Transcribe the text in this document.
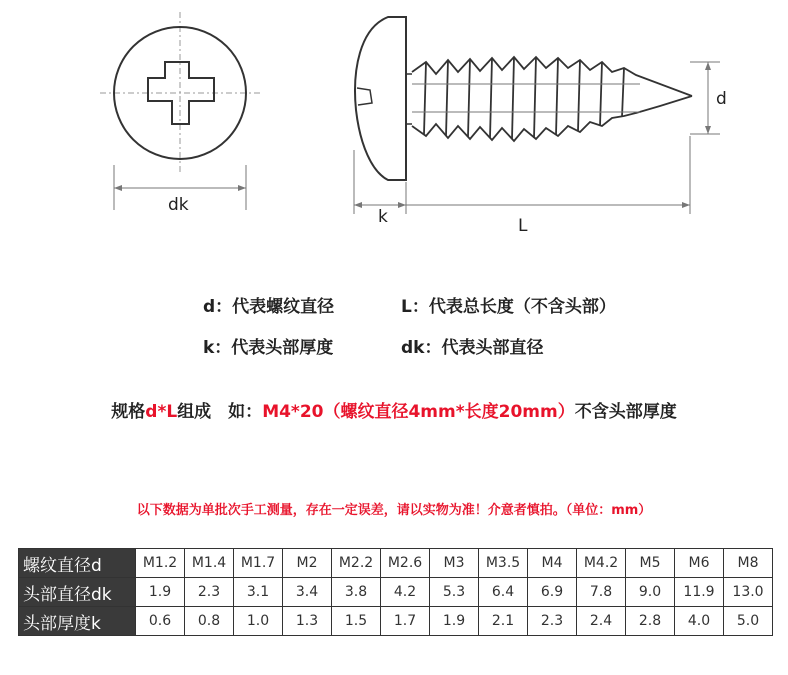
dk
d
k	L
d：代表螺纹直径	L：代表总长度（不含头部）
k：代表头部厚度	dk：代表头部直径
规格d*L组成　如：M4*20（螺纹直径4mm*长度20mm）不含头部厚度
以下数据为单批次手工测量，存在一定误差，请以实物为准！介意者慎拍。（单位：mm）
螺纹直径d	M1.2	M1.4	M1.7	M2	M2.2	M2.6	M3	M3.5	M4	M4.2	M5	M6	M8
头部直径dk	1.9	2.3	3.1	3.4	3.8	4.2	5.3	6.4	6.9	7.8	9.0	11.9	13.0
头部厚度k	0.6	0.8	1.0	1.3	1.5	1.7	1.9	2.1	2.3	2.4	2.8	4.0	5.0
